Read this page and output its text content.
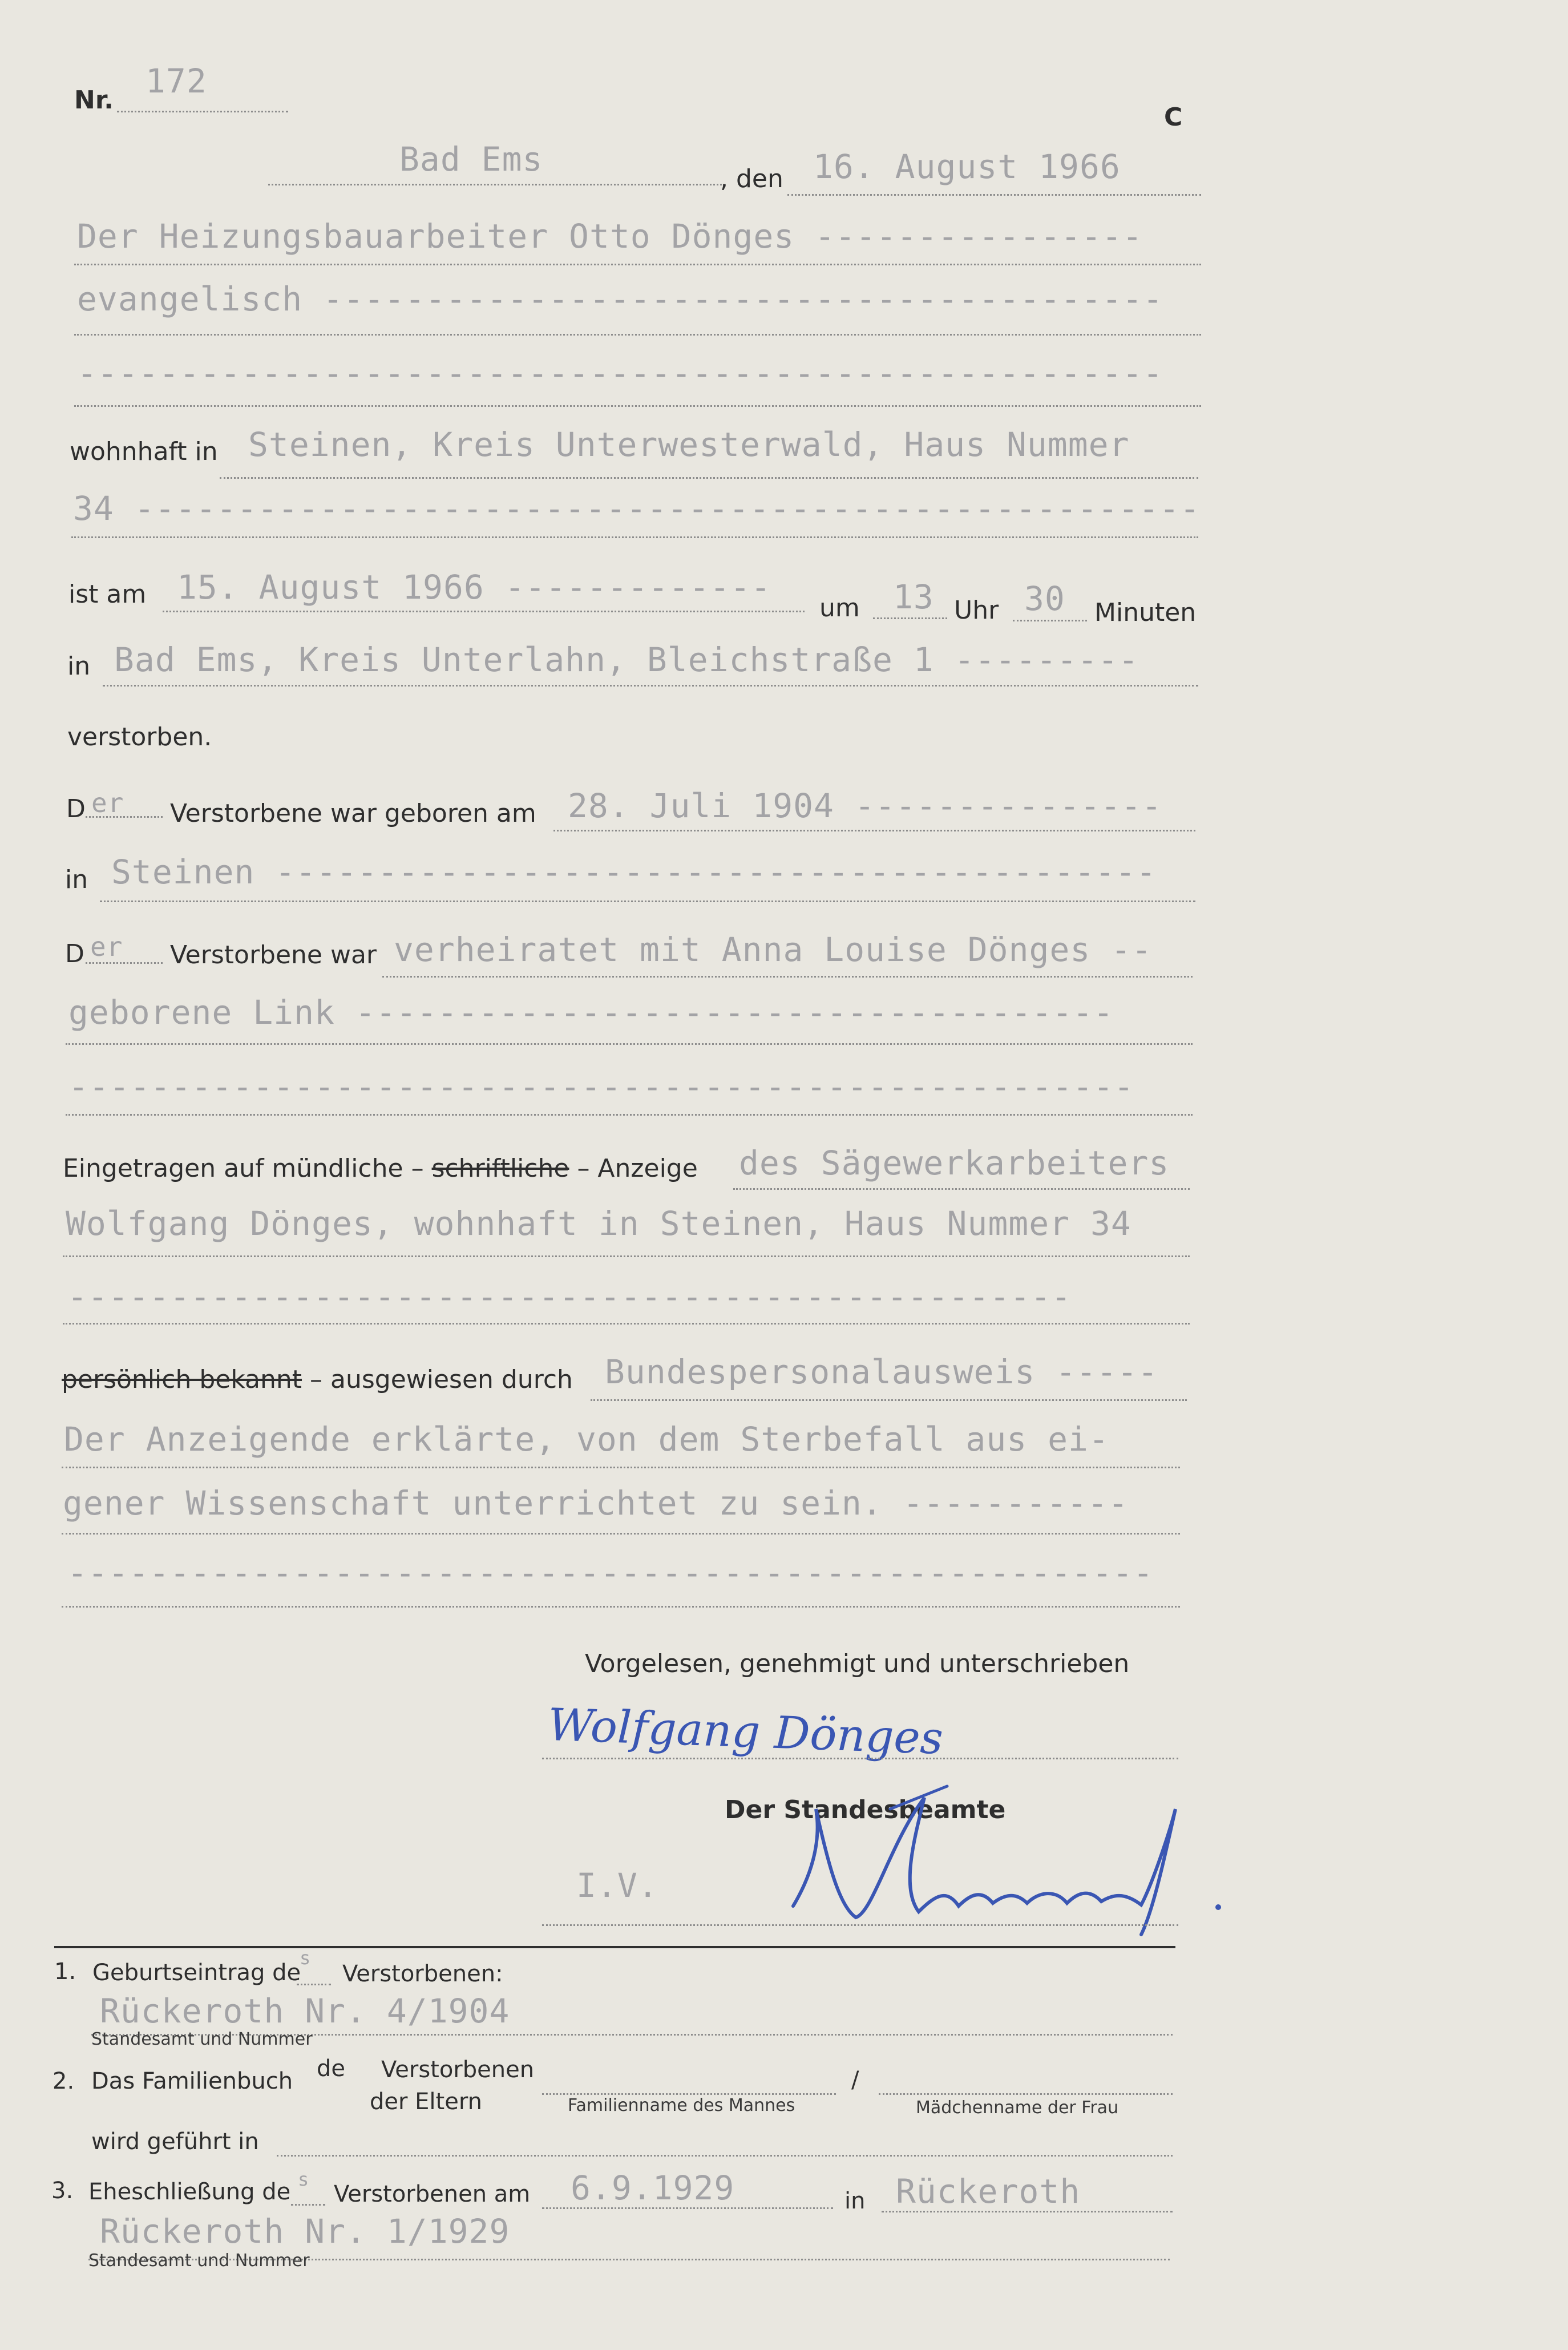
Nr. 172
C
Bad Ems
, den 16. August 1966
Der Heizungsbauarbeiter Otto Dönges ----------------
evangelisch -----------------------------------------
-----------------------------------------------------
wohnhaft in Steinen, Kreis Unterwesterwald, Haus Nummer
34 ----------------------------------------------------
ist am 15. August 1966 -------------
um 13 Uhr 30 Minuten
in Bad Ems, Kreis Unterlahn, Bleichstraße 1 ---------
verstorben.
D er Verstorbene war geboren am 28. Juli 1904 ---------------
in Steinen -------------------------------------------
D er Verstorbene war verheiratet mit Anna Louise Dönges --
geborene Link -------------------------------------
----------------------------------------------------
Eingetragen auf mündliche – schriftliche – Anzeige des Sägewerkarbeiters
Wolfgang Dönges, wohnhaft in Steinen, Haus Nummer 34
-------------------------------------------------
persönlich bekannt – ausgewiesen durch Bundespersonalausweis -----
Der Anzeigende erklärte, von dem Sterbefall aus ei-
gener Wissenschaft unterrichtet zu sein. -----------
-----------------------------------------------------
Vorgelesen, genehmigt und unterschrieben
Wolfgang Dönges
Der Standesbeamte
I.V.
1. Geburtseintrag de
s
Verstorbenen:
Rückeroth Nr. 4/1904
Standesamt und Nummer
2. Das Familienbuch de Verstorbenen
der Eltern
/
Familienname des Mannes	Mädchenname der Frau
wird geführt in
3. Eheschließung de s
Verstorbenen am 6.9.1929	in Rückeroth
Rückeroth Nr. 1/1929
Standesamt und Nummer
